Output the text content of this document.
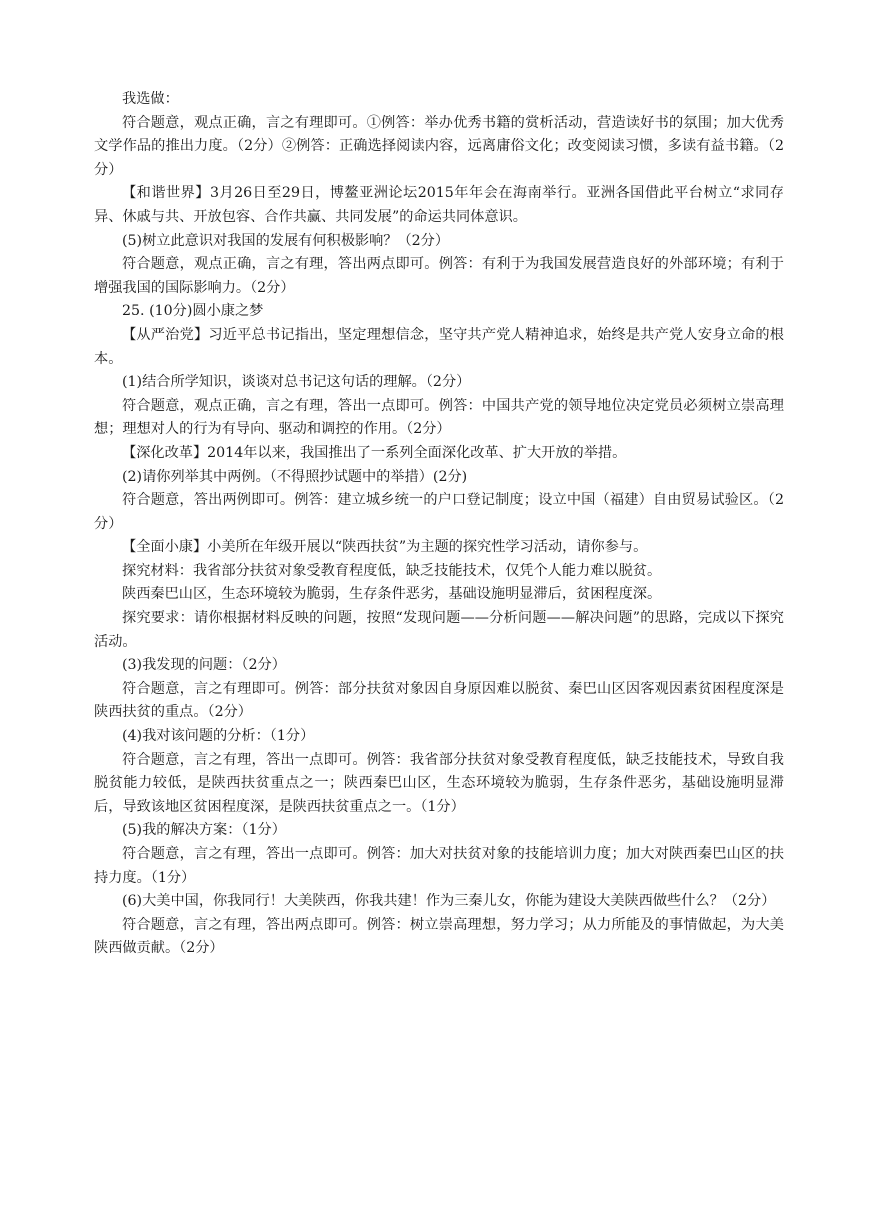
我选做：

符合题意，观点正确，言之有理即可。①例答：举办优秀书籍的赏析活动，营造读好书的氛围；加大优秀文学作品的推出力度。（2分）②例答：正确选择阅读内容，远离庸俗文化；改变阅读习惯，多读有益书籍。（2分）

【和谐世界】3月26日至29日，博鳌亚洲论坛2015年年会在海南举行。亚洲各国借此平台树立“求同存异、休戚与共、开放包容、合作共赢、共同发展”的命运共同体意识。

(5)树立此意识对我国的发展有何积极影响？（2分）

符合题意，观点正确，言之有理，答出两点即可。例答：有利于为我国发展营造良好的外部环境；有利于增强我国的国际影响力。（2分）

25. (10分)圆小康之梦

【从严治党】习近平总书记指出，坚定理想信念，坚守共产党人精神追求，始终是共产党人安身立命的根本。

(1)结合所学知识，谈谈对总书记这句话的理解。（2分）

符合题意，观点正确，言之有理，答出一点即可。例答：中国共产党的领导地位决定党员必须树立崇高理想；理想对人的行为有导向、驱动和调控的作用。（2分）

【深化改革】2014年以来，我国推出了一系列全面深化改革、扩大开放的举措。

(2)请你列举其中两例。（不得照抄试题中的举措）(2分)

符合题意，答出两例即可。例答：建立城乡统一的户口登记制度；设立中国（福建）自由贸易试验区。（2分）

【全面小康】小美所在年级开展以“陕西扶贫”为主题的探究性学习活动，请你参与。

探究材料：我省部分扶贫对象受教育程度低，缺乏技能技术，仅凭个人能力难以脱贫。

陕西秦巴山区，生态环境较为脆弱，生存条件恶劣，基础设施明显滞后，贫困程度深。

探究要求：请你根据材料反映的问题，按照“发现问题——分析问题——解决问题”的思路，完成以下探究活动。

(3)我发现的问题：（2分）

符合题意，言之有理即可。例答：部分扶贫对象因自身原因难以脱贫、秦巴山区因客观因素贫困程度深是陕西扶贫的重点。（2分）

(4)我对该问题的分析：（1分）

符合题意，言之有理，答出一点即可。例答：我省部分扶贫对象受教育程度低，缺乏技能技术，导致自我脱贫能力较低，是陕西扶贫重点之一；陕西秦巴山区，生态环境较为脆弱，生存条件恶劣，基础设施明显滞后，导致该地区贫困程度深，是陕西扶贫重点之一。（1分）

(5)我的解决方案：（1分）

符合题意，言之有理，答出一点即可。例答：加大对扶贫对象的技能培训力度；加大对陕西秦巴山区的扶持力度。（1分）

(6)大美中国，你我同行！大美陕西，你我共建！作为三秦儿女，你能为建设大美陕西做些什么？（2分）

符合题意，言之有理，答出两点即可。例答：树立崇高理想，努力学习；从力所能及的事情做起，为大美陕西做贡献。（2分）
